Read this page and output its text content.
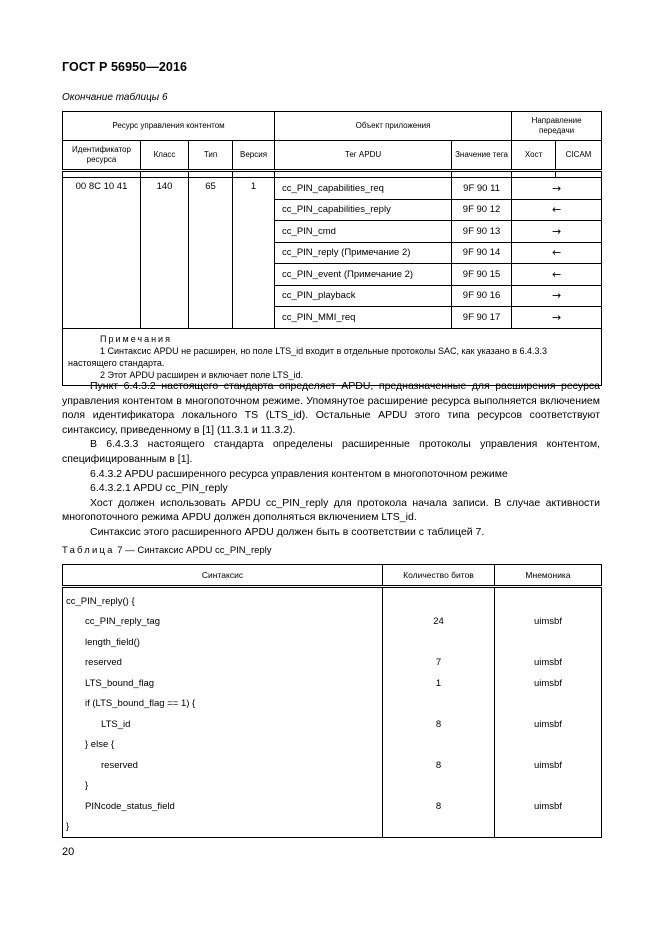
ГОСТ Р 56950—2016
Окончание таблицы 6
Ресурс управления контентом				Объект приложения		Направление передачи	
Идентификатор ресурса	Класс	Тип	Версия	Тег APDU	Значение тега	Хост	CICAM

00 8C 10 41	140	65	1	cc_PIN_capabilities_req	9F 90 11	→	
				cc_PIN_capabilities_reply	9F 90 12	←	
				cc_PIN_cmd	9F 90 13	→	
				cc_PIN_reply (Примечание 2)	9F 90 14	←	
				cc_PIN_event (Примечание 2)	9F 90 15	←	
				cc_PIN_playback	9F 90 16	→	
				cc_PIN_MMI_req	9F 90 17	→	

Примечания
1 Синтаксис APDU не расширен, но поле LTS_id входит в отдельные протоколы SAC, как указано в 6.4.3.3 настоящего стандарта.
2 Этот APDU расширен и включает поле LTS_id.							

Пункт 6.4.3.2 настоящего стандарта определяет APDU, предназначенные для расширения ресурса управления контентом в многопоточном режиме. Упомянутое расширение ресурса выполняется включением поля идентификатора локального TS (LTS_id). Остальные APDU этого типа ресурсов соответствуют синтаксису, приведенному в [1] (11.3.1 и 11.3.2).

В 6.4.3.3 настоящего стандарта определены расширенные протоколы управления контентом, специфицированным в [1].

6.4.3.2 APDU расширенного ресурса управления контентом в многопоточном режиме

6.4.3.2.1 APDU cc_PIN_reply

Хост должен использовать APDU cc_PIN_reply для протокола начала записи. В случае активности многопоточного режима APDU должен дополняться включением LTS_id.

Синтаксис этого расширенного APDU должен быть в соответствии с таблицей 7.

Таблица 7 — Синтаксис APDU cc_PIN_reply
Синтаксис	Количество битов	Мнемоника

cc_PIN_reply() {		
cc_PIN_reply_tag	24	uimsbf
length_field()		
reserved	7	uimsbf
LTS_bound_flag	1	uimsbf
if (LTS_bound_flag == 1) {		
LTS_id	8	uimsbf
} else {		
reserved	8	uimsbf
}		
PINcode_status_field	8	uimsbf
}		
20
